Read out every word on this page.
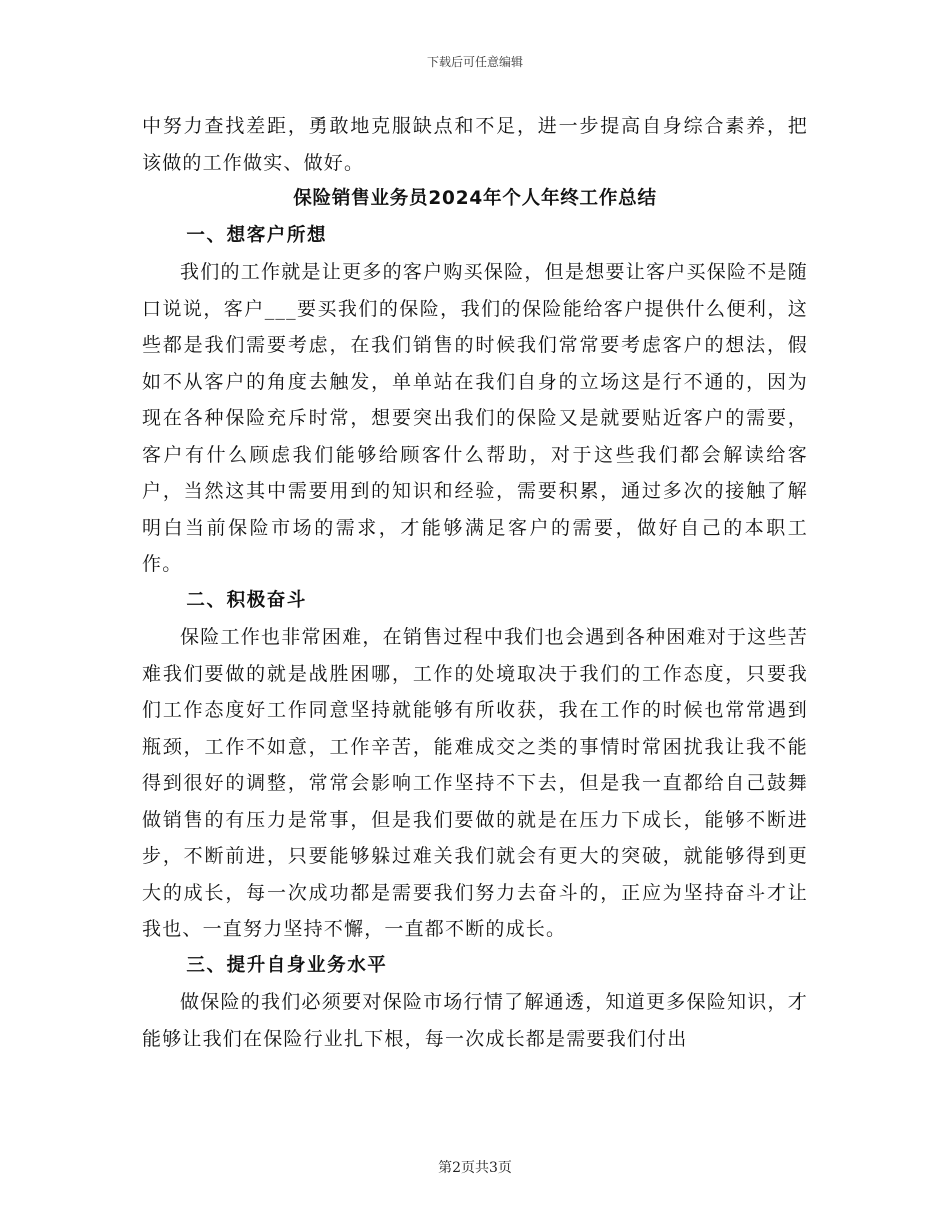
下载后可任意编辑

中努力查找差距，勇敢地克服缺点和不足，进一步提高自身综合素养，把该做的工作做实、做好。

保险销售业务员2024年个人年终工作总结

一、想客户所想

我们的工作就是让更多的客户购买保险，但是想要让客户买保险不是随口说说，客户___要买我们的保险，我们的保险能给客户提供什么便利，这些都是我们需要考虑，在我们销售的时候我们常常要考虑客户的想法，假如不从客户的角度去触发，单单站在我们自身的立场这是行不通的，因为现在各种保险充斥时常，想要突出我们的保险又是就要贴近客户的需要，客户有什么顾虑我们能够给顾客什么帮助，对于这些我们都会解读给客户，当然这其中需要用到的知识和经验，需要积累，通过多次的接触了解明白当前保险市场的需求，才能够满足客户的需要，做好自己的本职工作。

二、积极奋斗

保险工作也非常困难，在销售过程中我们也会遇到各种困难对于这些苦难我们要做的就是战胜困哪，工作的处境取决于我们的工作态度，只要我们工作态度好工作同意坚持就能够有所收获，我在工作的时候也常常遇到瓶颈，工作不如意，工作辛苦，能难成交之类的事情时常困扰我让我不能得到很好的调整，常常会影响工作坚持不下去，但是我一直都给自己鼓舞做销售的有压力是常事，但是我们要做的就是在压力下成长，能够不断进步，不断前进，只要能够躲过难关我们就会有更大的突破，就能够得到更大的成长，每一次成功都是需要我们努力去奋斗的，正应为坚持奋斗才让我也、一直努力坚持不懈，一直都不断的成长。

三、提升自身业务水平

做保险的我们必须要对保险市场行情了解通透，知道更多保险知识，才能够让我们在保险行业扎下根，每一次成长都是需要我们付出

第2页共3页
